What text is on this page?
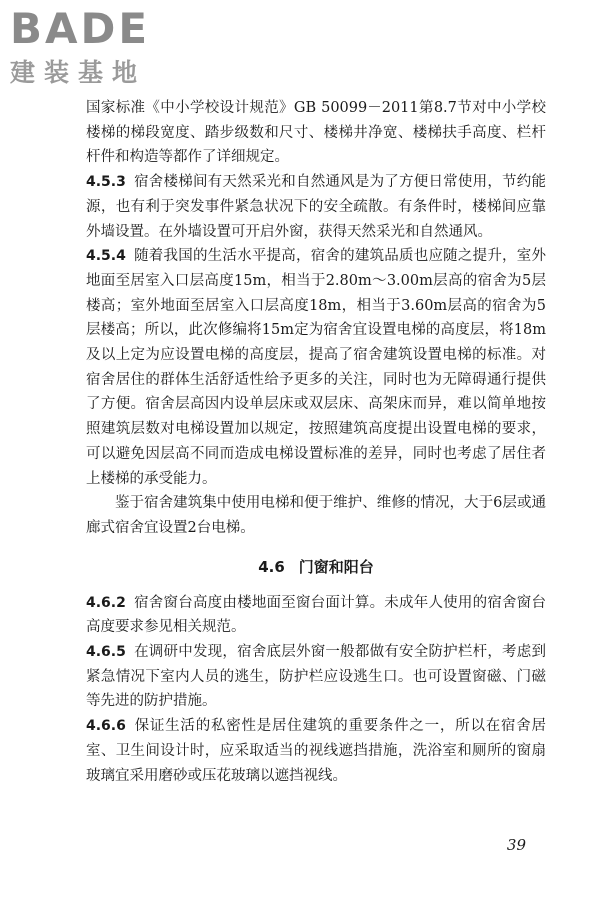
BADE
建装基地

国家标准《中小学校设计规范》GB 50099－2011第8.7节对中小学校楼梯的梯段宽度、踏步级数和尺寸、楼梯井净宽、楼梯扶手高度、栏杆杆件和构造等都作了详细规定。

4.5.3 宿舍楼梯间有天然采光和自然通风是为了方便日常使用，节约能源，也有利于突发事件紧急状况下的安全疏散。有条件时，楼梯间应靠外墙设置。在外墙设置可开启外窗，获得天然采光和自然通风。

4.5.4 随着我国的生活水平提高，宿舍的建筑品质也应随之提升，室外地面至居室入口层高度15m，相当于2.80m～3.00m层高的宿舍为5层楼高；室外地面至居室入口层高度18m，相当于3.60m层高的宿舍为5层楼高；所以，此次修编将15m定为宿舍宜设置电梯的高度层，将18m及以上定为应设置电梯的高度层，提高了宿舍建筑设置电梯的标准。对宿舍居住的群体生活舒适性给予更多的关注，同时也为无障碍通行提供了方便。宿舍层高因内设单层床或双层床、高架床而异，难以简单地按照建筑层数对电梯设置加以规定，按照建筑高度提出设置电梯的要求，可以避免因层高不同而造成电梯设置标准的差异，同时也考虑了居住者上楼梯的承受能力。

鉴于宿舍建筑集中使用电梯和便于维护、维修的情况，大于6层或通廊式宿舍宜设置2台电梯。

4.6 门窗和阳台

4.6.2 宿舍窗台高度由楼地面至窗台面计算。未成年人使用的宿舍窗台高度要求参见相关规范。

4.6.5 在调研中发现，宿舍底层外窗一般都做有安全防护栏杆，考虑到紧急情况下室内人员的逃生，防护栏应设逃生口。也可设置窗磁、门磁等先进的防护措施。

4.6.6 保证生活的私密性是居住建筑的重要条件之一，所以在宿舍居室、卫生间设计时，应采取适当的视线遮挡措施，洗浴室和厕所的窗扇玻璃宜采用磨砂或压花玻璃以遮挡视线。

39
